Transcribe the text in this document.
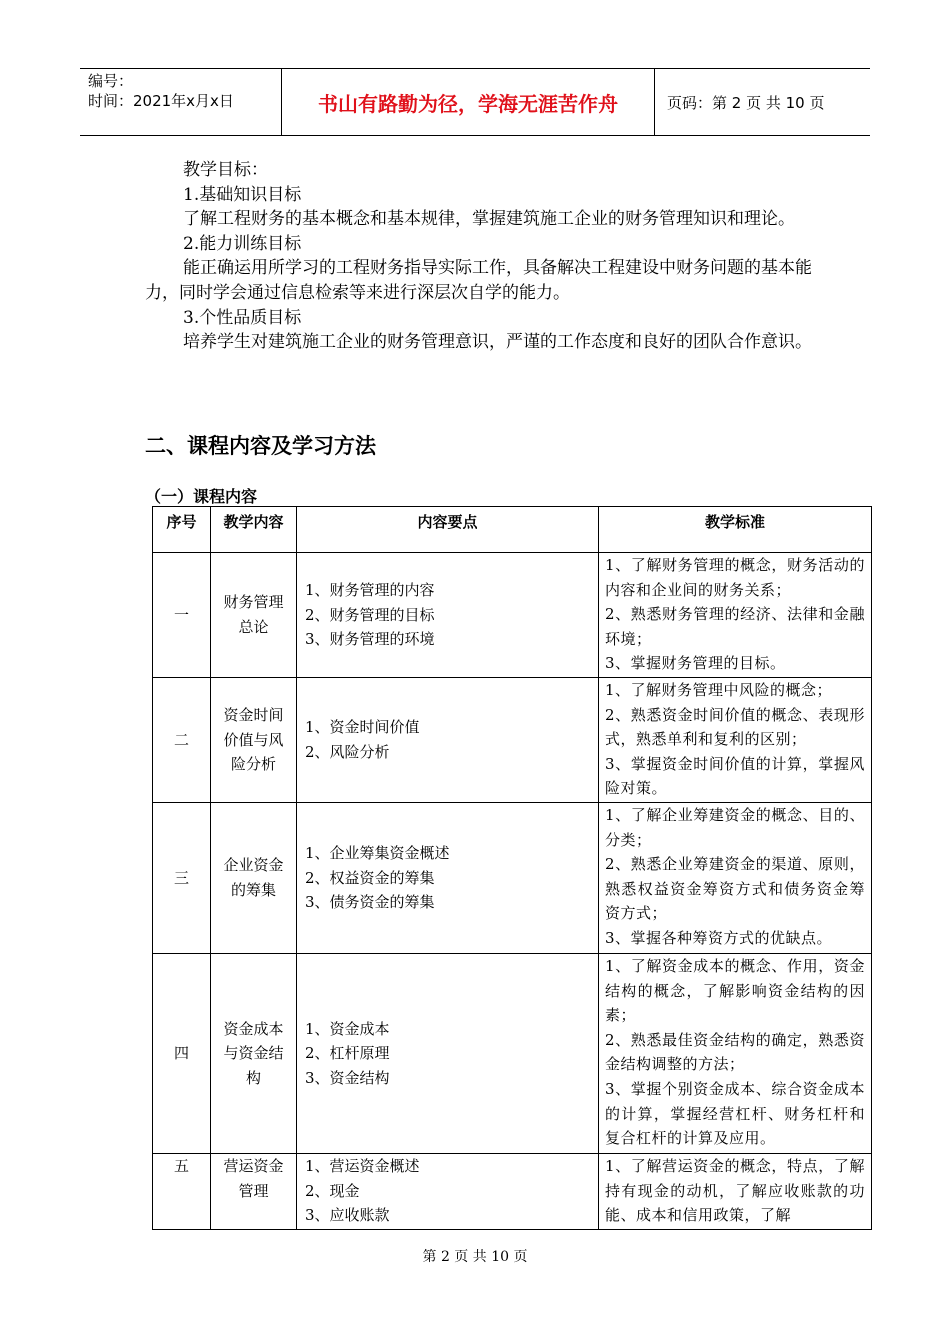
编号：
时间：2021年x月x日	书山有路勤为径，学海无涯苦作舟	页码：第 2 页 共 10 页

教学目标：

1.基础知识目标

了解工程财务的基本概念和基本规律，掌握建筑施工企业的财务管理知识和理论。

2.能力训练目标

能正确运用所学习的工程财务指导实际工作，具备解决工程建设中财务问题的基本能力，同时学会通过信息检索等来进行深层次自学的能力。

3.个性品质目标

培养学生对建筑施工企业的财务管理意识，严谨的工作态度和良好的团队合作意识。

二、课程内容及学习方法
（一）课程内容
序号	教学内容	内容要点	教学标准
一	财务管理总论	1、财务管理的内容
2、财务管理的目标
3、财务管理的环境	1、了解财务管理的概念，财务活动的内容和企业间的财务关系；
2、熟悉财务管理的经济、法律和金融环境；
3、掌握财务管理的目标。
二	资金时间价值与风险分析	1、资金时间价值
2、风险分析	1、了解财务管理中风险的概念；
2、熟悉资金时间价值的概念、表现形式，熟悉单利和复利的区别；
3、掌握资金时间价值的计算，掌握风险对策。
三	企业资金的筹集	1、企业筹集资金概述
2、权益资金的筹集
3、债务资金的筹集	1、了解企业筹建资金的概念、目的、分类；
2、熟悉企业筹建资金的渠道、原则，熟悉权益资金筹资方式和债务资金筹资方式；
3、掌握各种筹资方式的优缺点。
四	资金成本与资金结构	1、资金成本
2、杠杆原理
3、资金结构	1、了解资金成本的概念、作用，资金结构的概念，了解影响资金结构的因素；
2、熟悉最佳资金结构的确定，熟悉资金结构调整的方法；
3、掌握个别资金成本、综合资金成本的计算，掌握经营杠杆、财务杠杆和复合杠杆的计算及应用。
五	营运资金管理	1、营运资金概述
2、现金
3、应收账款	1、了解营运资金的概念，特点，了解持有现金的动机，了解应收账款的功能、成本和信用政策，了解
第 2 页 共 10 页
